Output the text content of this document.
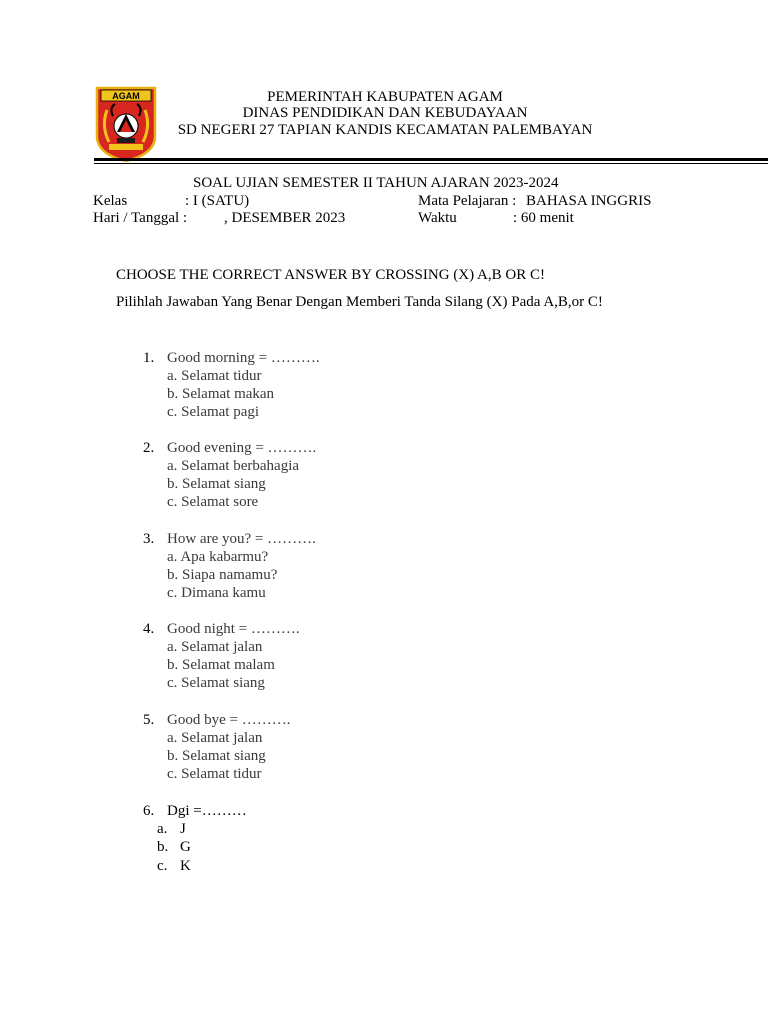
AGAM	PEMERINTAH KABUPATEN AGAM
DINAS PENDIDIKAN DAN KEBUDAYAAN
SD NEGERI 27 TAPIAN KANDIS KECAMATAN PALEMBAYAN
SOAL UJIAN SEMESTER II TAHUN AJARAN 2023-2024
Kelas	: I (SATU)	Mata Pelajaran : BAHASA INGGRIS
Hari / Tanggal : , DESEMBER 2023	Waktu	: 60 menit
CHOOSE THE CORRECT ANSWER BY CROSSING (X) A,B OR C!
Pilihlah Jawaban Yang Benar Dengan Memberi Tanda Silang (X) Pada A,B,or C!
1. Good morning = ……….
a. Selamat tidur
b. Selamat makan
c. Selamat pagi
2. Good evening = ……….
a. Selamat berbahagia
b. Selamat siang
c. Selamat sore
3. How are you? = ……….
a. Apa kabarmu?
b. Siapa namamu?
c. Dimana kamu
4. Good night = ……….
a. Selamat jalan
b. Selamat malam
c. Selamat siang
5. Good bye = ……….
a. Selamat jalan
b. Selamat siang
c. Selamat tidur
6. Dgi =………
a. J
b. G
c. K
